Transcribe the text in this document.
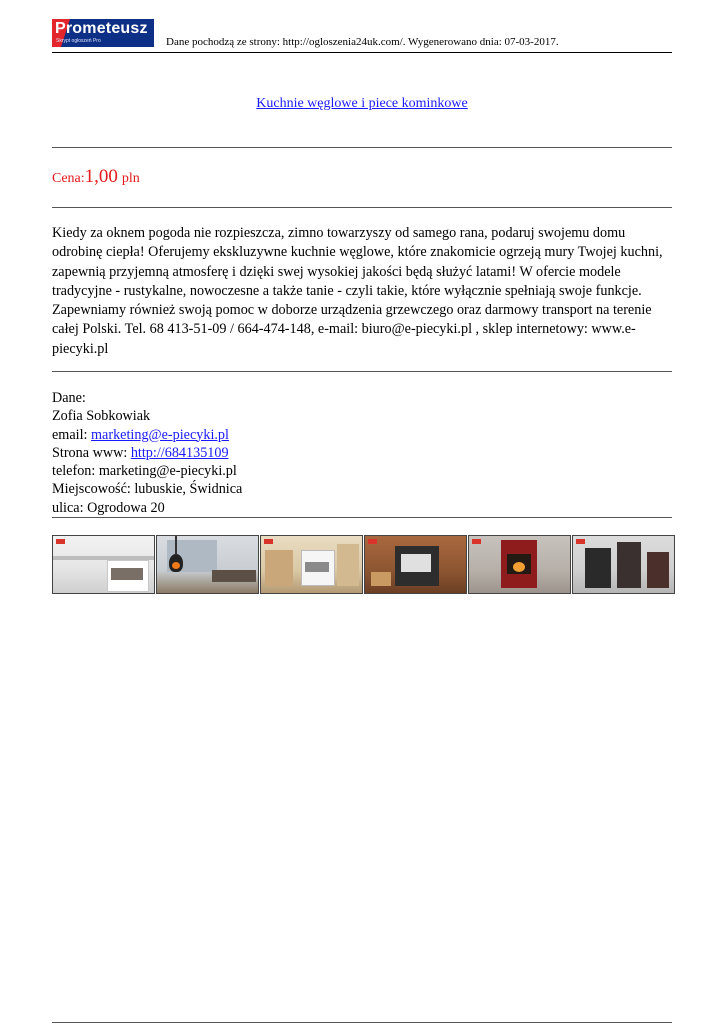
Prometeusz
Skrypt ogłoszeń Pro	Dane pochodzą ze strony: http://ogloszenia24uk.com/. Wygenerowano dnia: 07-03-2017.
Kuchnie węglowe i piece kominkowe
Cena:1,00 pln
Kiedy za oknem pogoda nie rozpieszcza, zimno towarzyszy od samego rana, podaruj swojemu domu odrobinę ciepła! Oferujemy ekskluzywne kuchnie węglowe, które znakomicie ogrzeją mury Twojej kuchni, zapewnią przyjemną atmosferę i dzięki swej wysokiej jakości będą służyć latami! W ofercie modele tradycyjne - rustykalne, nowoczesne a także tanie - czyli takie, które wyłącznie spełniają swoje funkcje. Zapewniamy również swoją pomoc w doborze urządzenia grzewczego oraz darmowy transport na terenie całej Polski. Tel. 68 413-51-09 / 664-474-148, e-mail: biuro@e-piecyki.pl , sklep internetowy: www.e-piecyki.pl
Dane:
Zofia Sobkowiak
email: marketing@e-piecyki.pl
Strona www: http://684135109
telefon: marketing@e-piecyki.pl
Miejscowość: lubuskie, Świdnica
ulica: Ogrodowa 20
